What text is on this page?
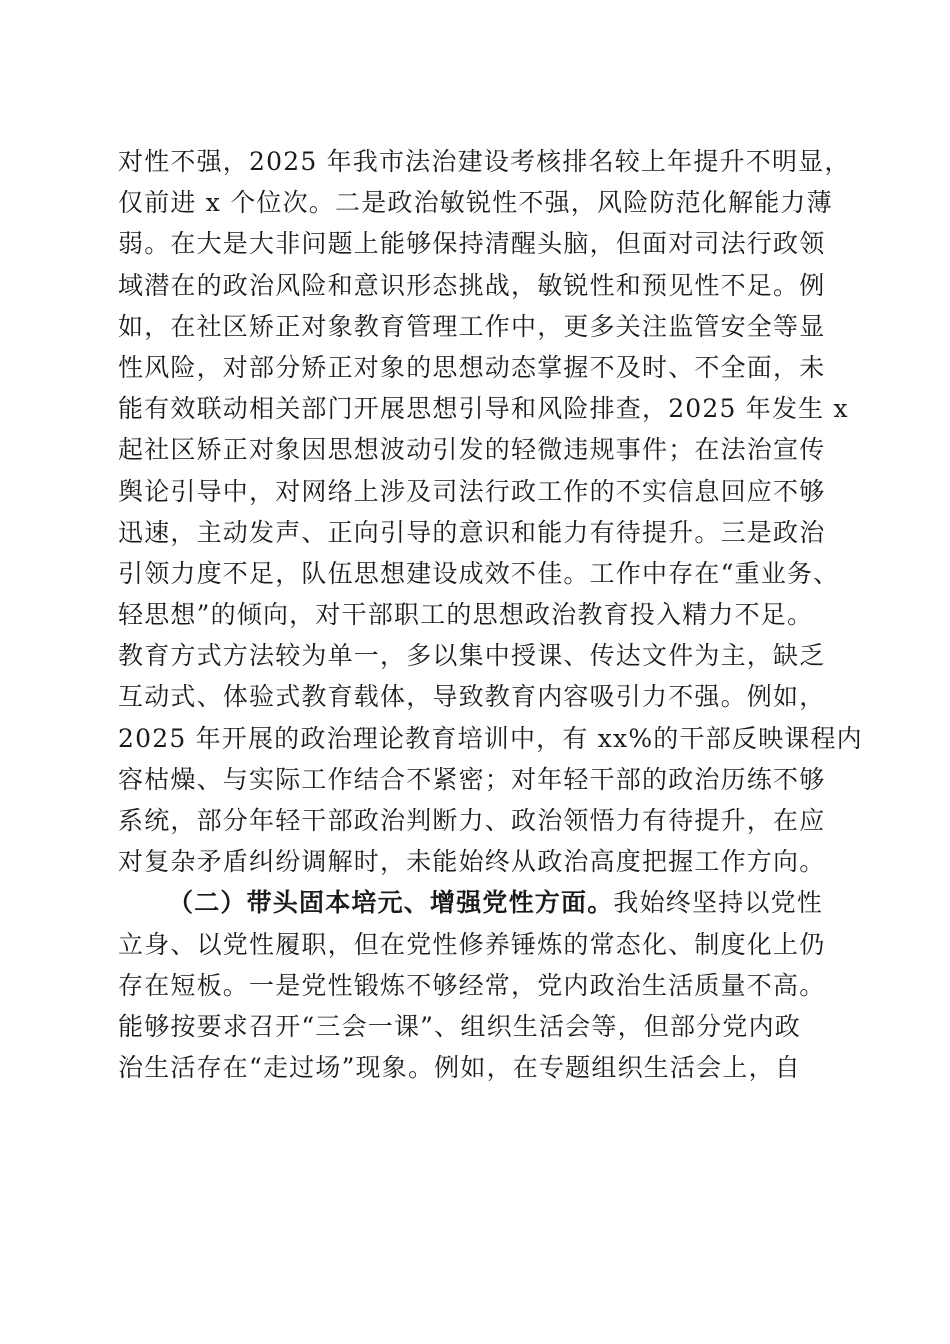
对性不强，2025 年我市法治建设考核排名较上年提升不明显，
仅前进 x 个位次。二是政治敏锐性不强，风险防范化解能力薄
弱。在大是大非问题上能够保持清醒头脑，但面对司法行政领
域潜在的政治风险和意识形态挑战，敏锐性和预见性不足。例
如，在社区矫正对象教育管理工作中，更多关注监管安全等显
性风险，对部分矫正对象的思想动态掌握不及时、不全面，未
能有效联动相关部门开展思想引导和风险排查，2025 年发生 x
起社区矫正对象因思想波动引发的轻微违规事件；在法治宣传
舆论引导中，对网络上涉及司法行政工作的不实信息回应不够
迅速，主动发声、正向引导的意识和能力有待提升。三是政治
引领力度不足，队伍思想建设成效不佳。工作中存在“重业务、
轻思想”的倾向，对干部职工的思想政治教育投入精力不足。
教育方式方法较为单一，多以集中授课、传达文件为主，缺乏
互动式、体验式教育载体，导致教育内容吸引力不强。例如，
2025 年开展的政治理论教育培训中，有 xx%的干部反映课程内
容枯燥、与实际工作结合不紧密；对年轻干部的政治历练不够
系统，部分年轻干部政治判断力、政治领悟力有待提升，在应
对复杂矛盾纠纷调解时，未能始终从政治高度把握工作方向。
（二）带头固本培元、增强党性方面。我始终坚持以党性
立身、以党性履职，但在党性修养锤炼的常态化、制度化上仍
存在短板。一是党性锻炼不够经常，党内政治生活质量不高。
能够按要求召开“三会一课”、组织生活会等，但部分党内政
治生活存在“走过场”现象。例如，在专题组织生活会上，自
